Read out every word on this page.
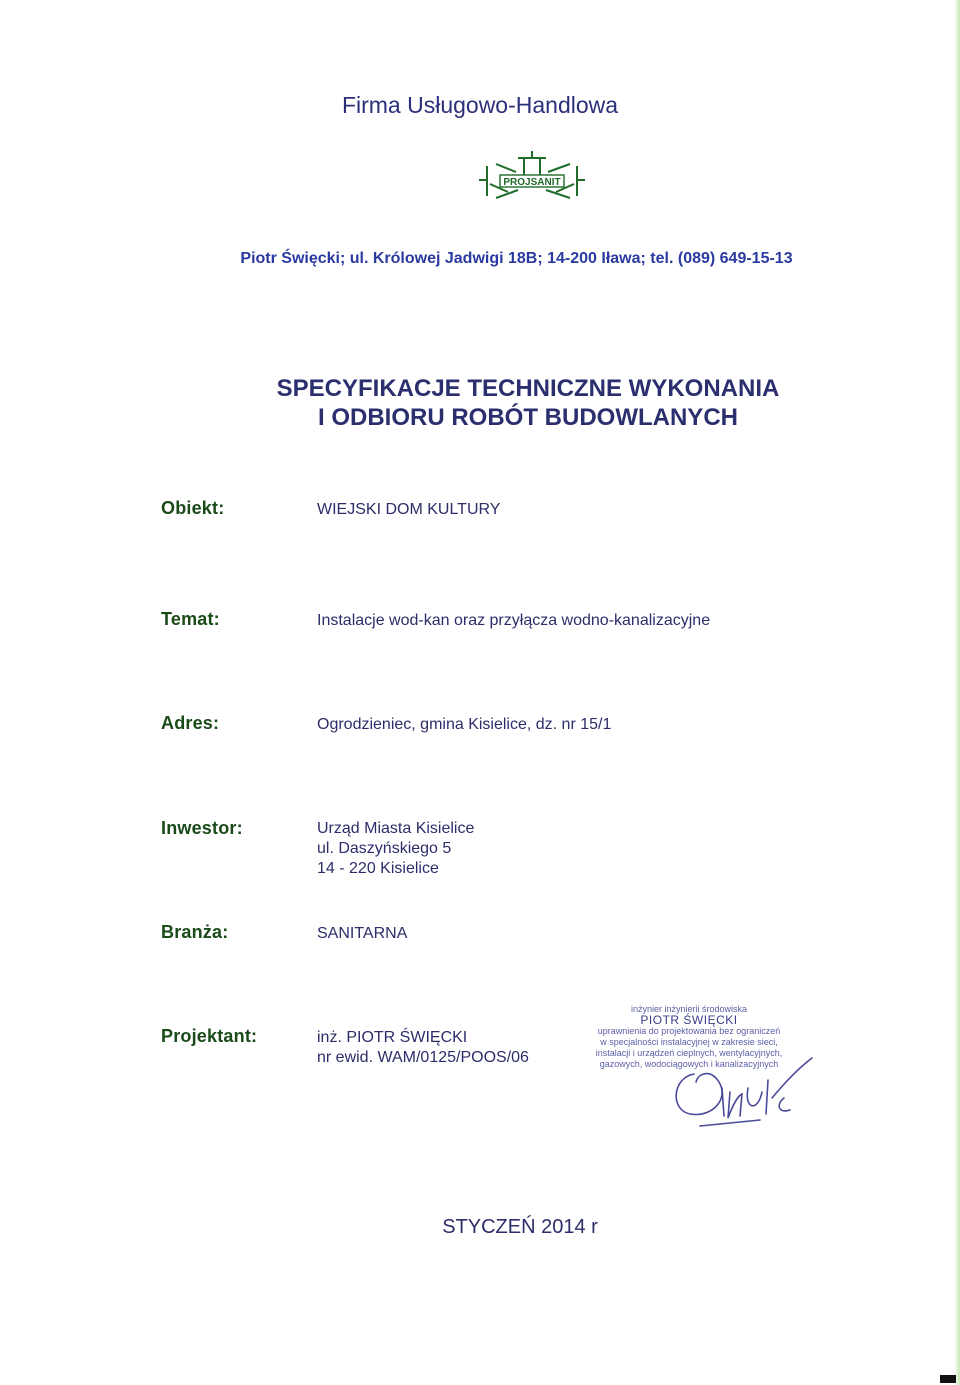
Firma Usługowo-Handlowa
PROJSANIT
Piotr Święcki; ul. Królowej Jadwigi 18B; 14-200 Iława; tel. (089) 649-15-13
SPECYFIKACJE TECHNICZNE WYKONANIA
I ODBIORU ROBÓT BUDOWLANYCH
Obiekt:	WIEJSKI DOM KULTURY
Temat:	Instalacje wod-kan oraz przyłącza wodno-kanalizacyjne
Adres:	Ogrodzieniec, gmina Kisielice, dz. nr 15/1
Inwestor:	Urząd Miasta Kisielice
ul. Daszyńskiego 5
14 - 220 Kisielice
Branża:	SANITARNA
Projektant:	inż. PIOTR ŚWIĘCKI
nr ewid. WAM/0125/POOS/06
inżynier inżynierii środowiska
PIOTR ŚWIĘCKI
uprawnienia do projektowania bez ograniczeń
w specjalności instalacyjnej w zakresie sieci,
instalacji i urządzeń cieplnych, wentylacyjnych,
gazowych, wodociągowych i kanalizacyjnych
STYCZEŃ 2014 r
